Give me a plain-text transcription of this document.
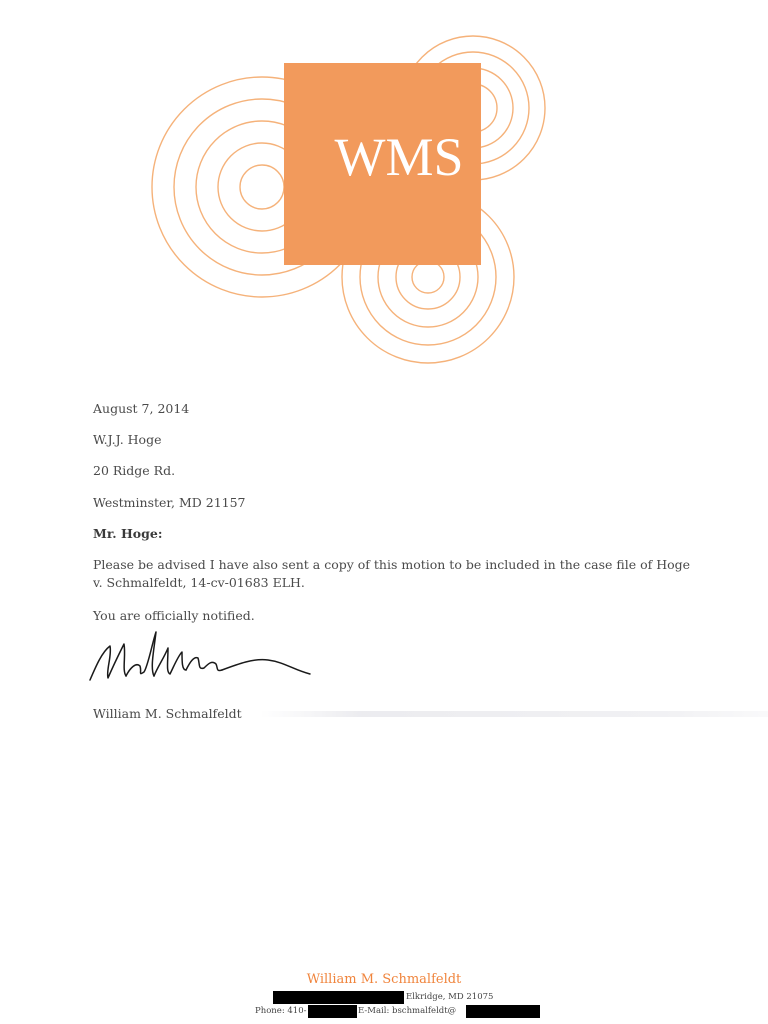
WMS
August 7, 2014
W.J.J. Hoge
20 Ridge Rd.
Westminster, MD 21157
Mr. Hoge:
Please be advised I have also sent a copy of this motion to be included in the case file of Hoge
v. Schmalfeldt, 14-cv-01683 ELH.
You are officially notified.
William M. Schmalfeldt
William M. Schmalfeldt
Elkridge, MD 21075
Phone: 410-	E-Mail: bschmalfeldt@
